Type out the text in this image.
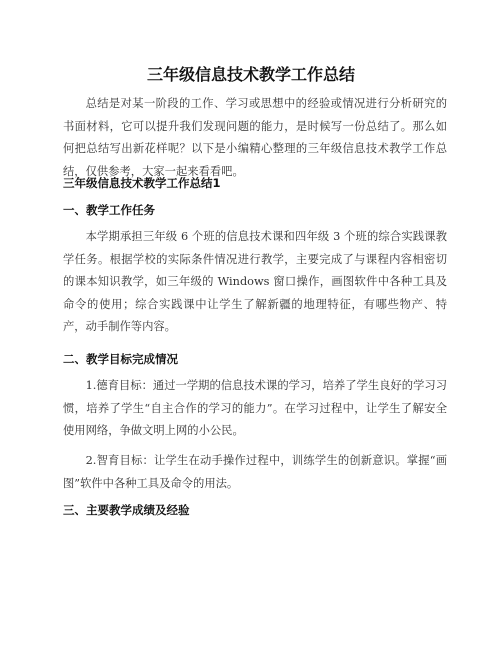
三年级信息技术教学工作总结

总结是对某一阶段的工作、学习或思想中的经验或情况进行分析研究的书面材料，它可以提升我们发现问题的能力，是时候写一份总结了。那么如何把总结写出新花样呢？以下是小编精心整理的三年级信息技术教学工作总结，仅供参考，大家一起来看看吧。

三年级信息技术教学工作总结1
一、教学工作任务

本学期承担三年级 6 个班的信息技术课和四年级 3 个班的综合实践课教学任务。根据学校的实际条件情况进行教学，主要完成了与课程内容相密切的课本知识教学，如三年级的 Windows 窗口操作，画图软件中各种工具及命令的使用；综合实践课中让学生了解新疆的地理特征，有哪些物产、特产，动手制作等内容。

二、教学目标完成情况

1.德育目标：通过一学期的信息技术课的学习，培养了学生良好的学习习惯，培养了学生“自主合作的学习的能力”。在学习过程中，让学生了解安全使用网络，争做文明上网的小公民。

2.智育目标：让学生在动手操作过程中，训练学生的创新意识。掌握“画图”软件中各种工具及命令的用法。

三、主要教学成绩及经验
